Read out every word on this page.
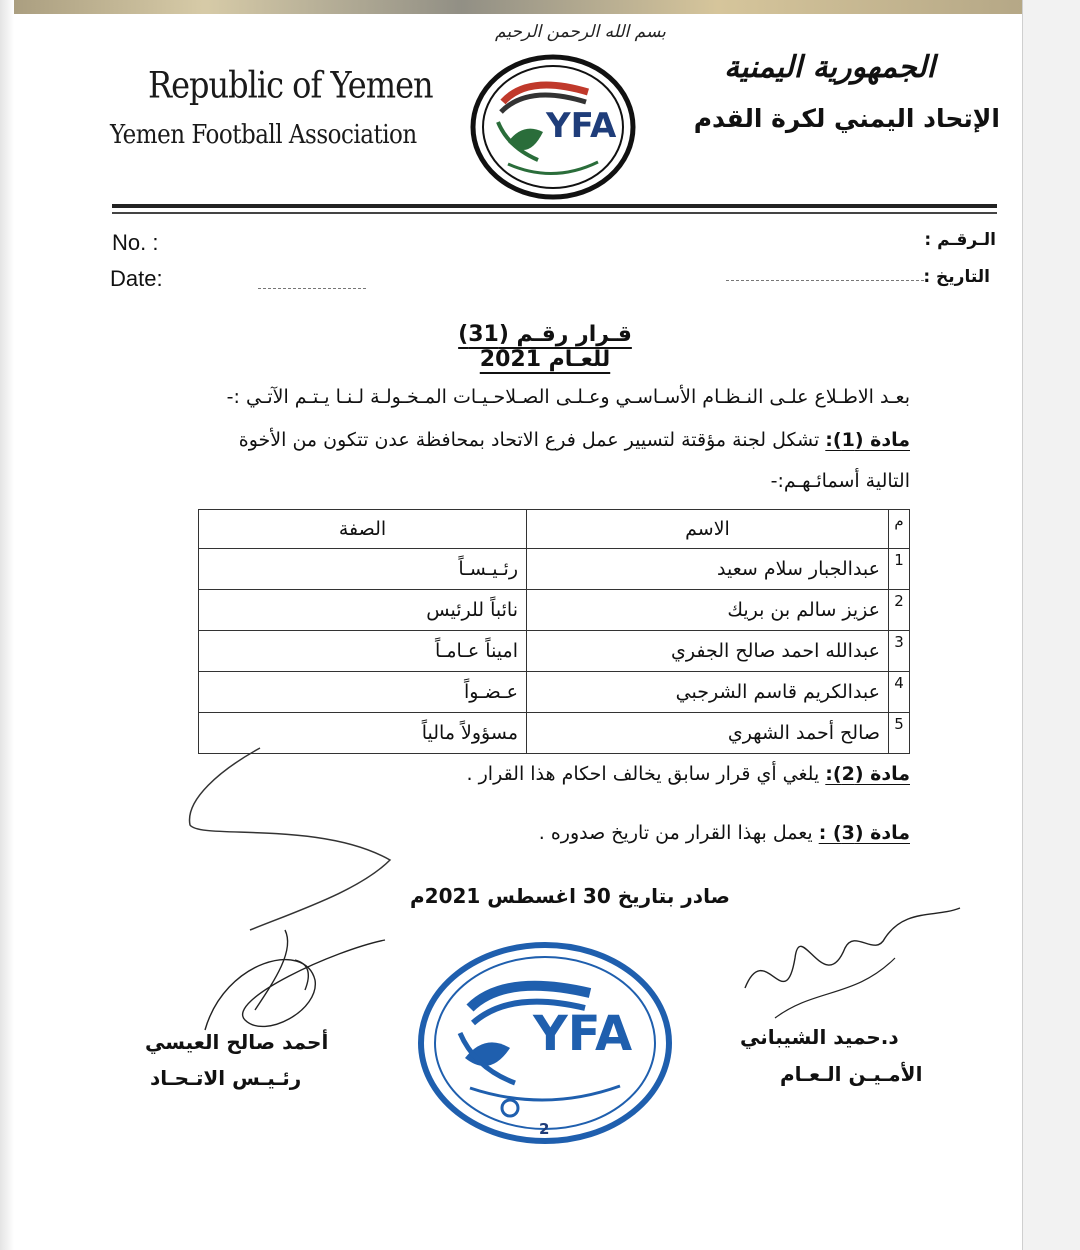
بسم الله الرحمن الرحيم
Republic of Yemen
Yemen Football Association
الجمهورية اليمنية
الإتحاد اليمني لكرة القدم
YFA
No. :
Date:
الـرقـم :
التاريخ :
قـرار رقـم (31) للعـام 2021
بعـد الاطـلاع علـى النـظـام الأسـاسـي وعـلـى الصـلاحـيـات المـخـولـة لـنـا يـتـم الآتـي :-
مادة (1): تشكل لجنة مؤقتة لتسيير عمل فرع الاتحاد بمحافظة عدن تتكون من الأخوة
التالية أسمائـهـم:-
م	الاسم	الصفة
1	عبدالجبار سلام سعيد	رئـيـسـاً
2	عزيز سالم بن بريك	نائباً للرئيس
3	عبدالله احمد صالح الجفري	اميناً عـامـاً
4	عبدالكريم قاسم الشرجبي	عـضـواً
5	صالح أحمد الشهري	مسؤولاً مالياً
مادة (2): يلغي أي قرار سابق يخالف احكام هذا القرار .
مادة (3) : يعمل بهذا القرار من تاريخ صدوره .
صادر بتاريخ 30 اغسطس 2021م
أحمد صالح العيسي
رئـيـس الاتـحـاد
د.حميد الشيباني
الأمـيـن الـعـام
YFA
2
